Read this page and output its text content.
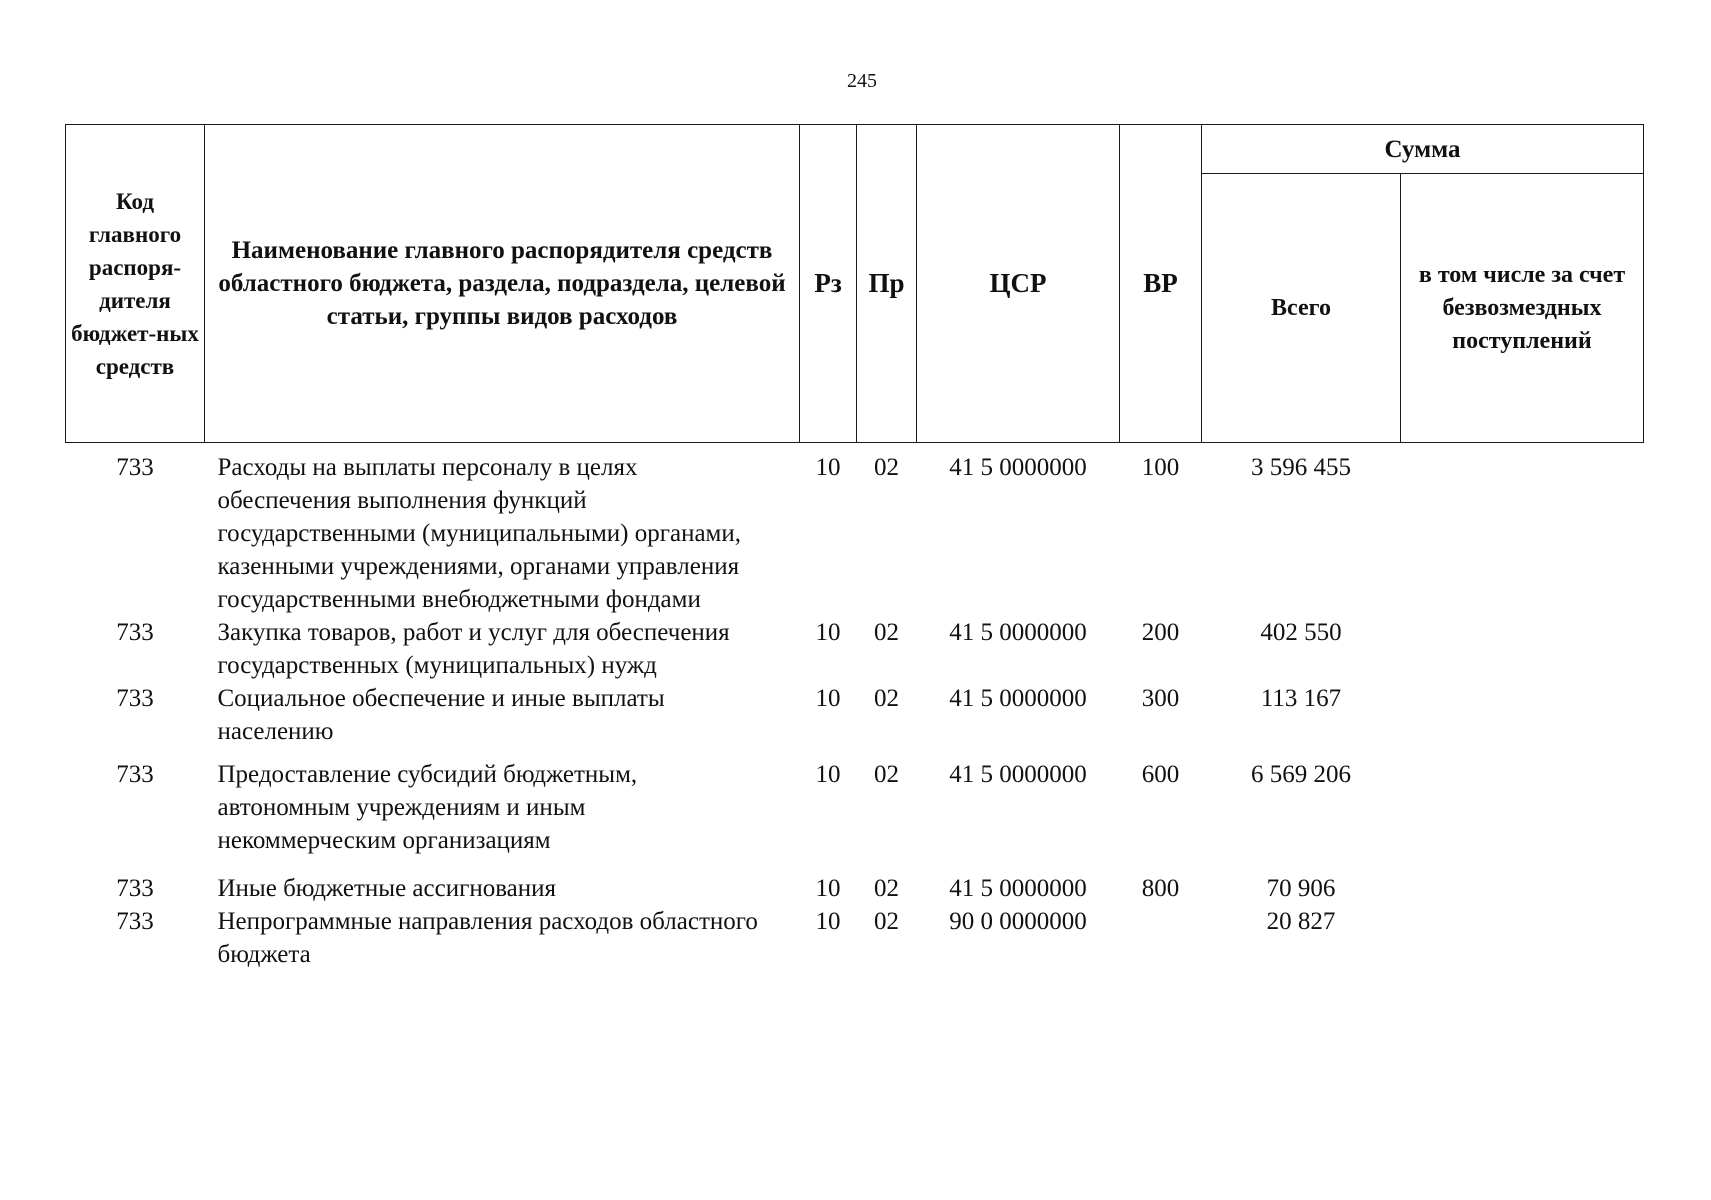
245
Код главного распоря-дителя бюджет-ных средств	Наименование главного распорядителя средств областного бюджета, раздела, подраздела, целевой статьи, группы видов расходов	Рз	Пр	ЦСР	ВР	Сумма	
						Всего	в том числе за счет безвозмездных поступлений
733	Расходы на выплаты персоналу в целях обеспечения выполнения функций государственными (муниципальными) органами, казенными учреждениями, органами управления государственными внебюджетными фондами	10	02	41 5 0000000	100	3 596 455	
733	Закупка товаров, работ и услуг для обеспечения государственных (муниципальных) нужд	10	02	41 5 0000000	200	402 550	
733	Социальное обеспечение и иные выплаты населению	10	02	41 5 0000000	300	113 167	
733	Предоставление субсидий бюджетным, автономным учреждениям и иным некоммерческим организациям	10	02	41 5 0000000	600	6 569 206	
733	Иные бюджетные ассигнования	10	02	41 5 0000000	800	70 906	
733	Непрограммные направления расходов областного бюджета	10	02	90 0 0000000		20 827	
